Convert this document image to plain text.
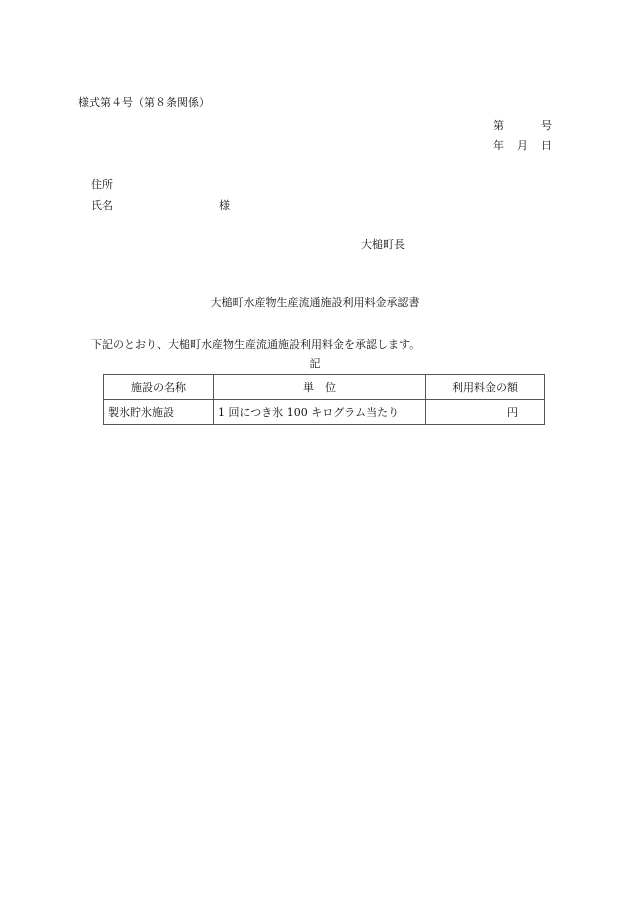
様式第４号（第８条関係）
第	号
年 月 日
住所
氏名	様
大槌町長
大槌町水産物生産流通施設利用料金承認書
下記のとおり、大槌町水産物生産流通施設利用料金を承認します。
記
施設の名称	単　位	利用料金の額
製氷貯氷施設	1 回につき氷 100 キログラム当たり	円
